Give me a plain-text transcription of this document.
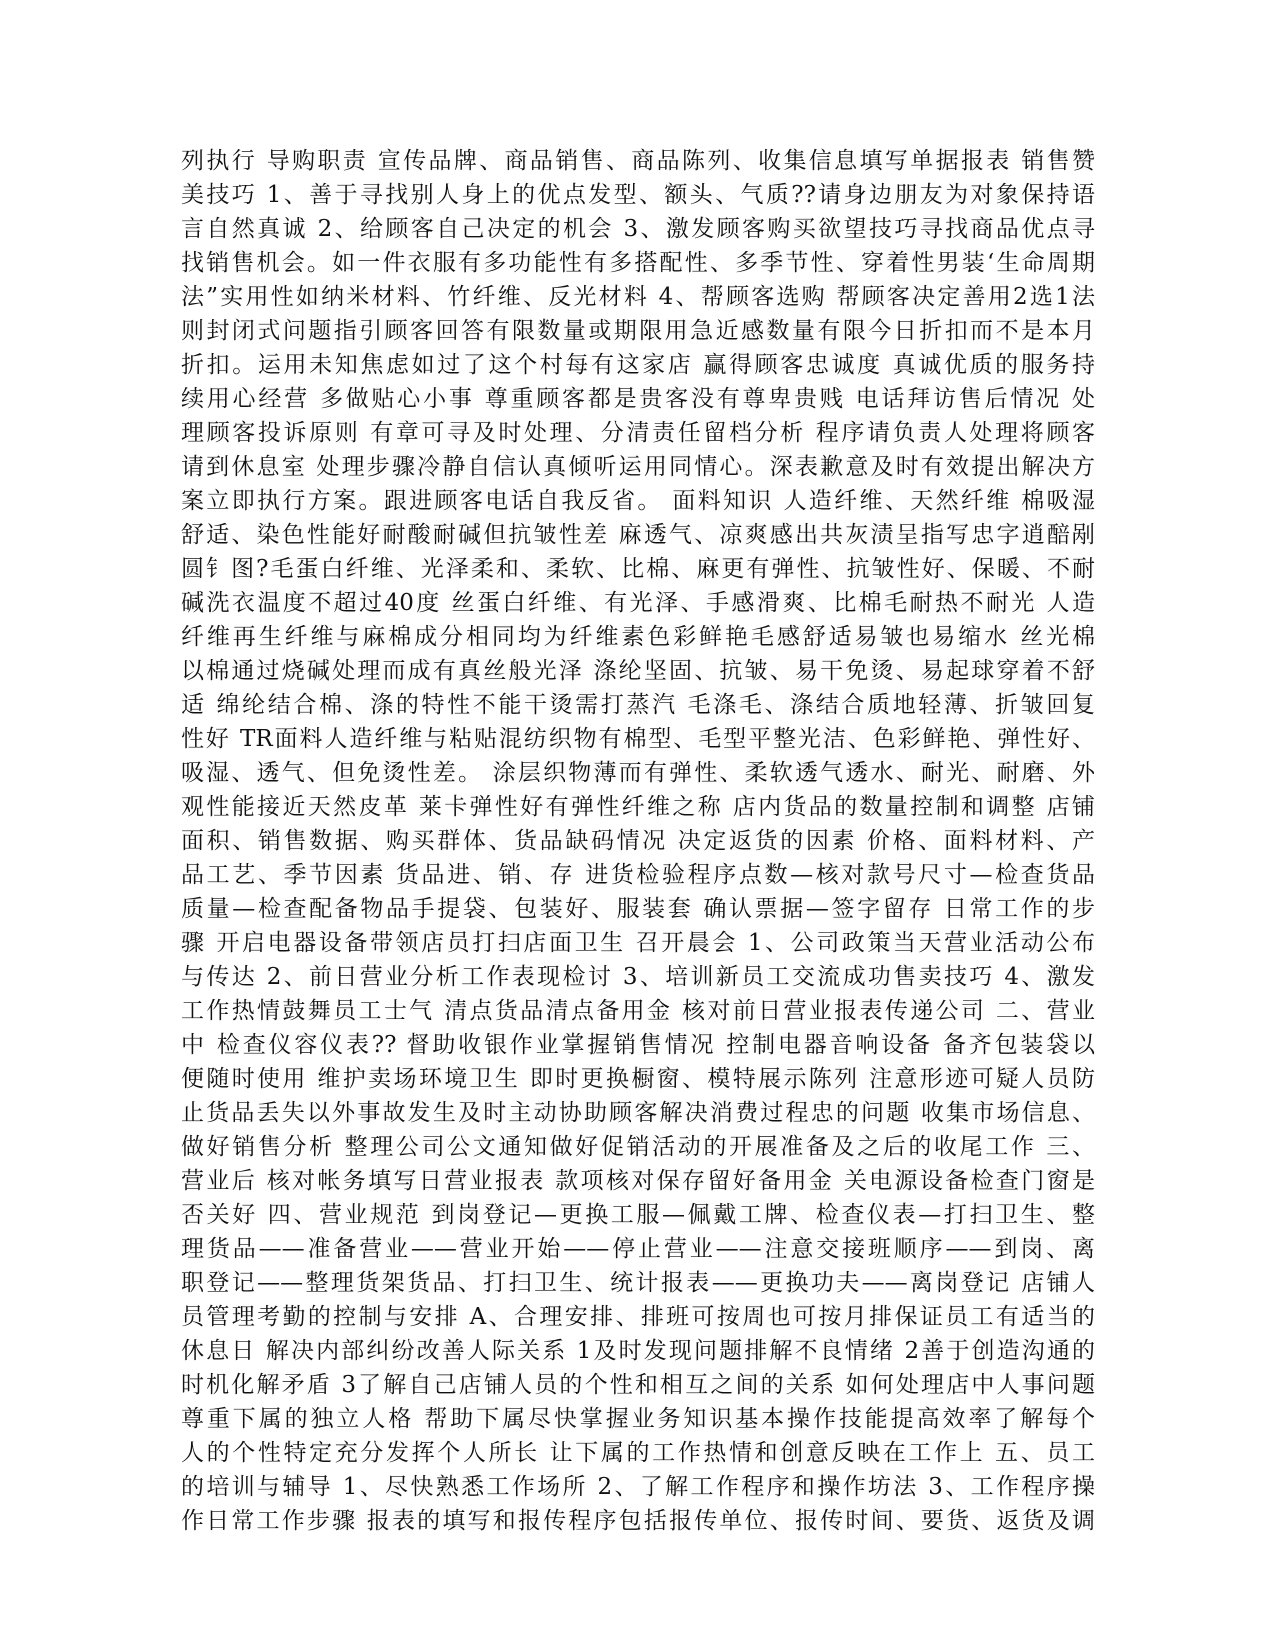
列执行 导购职责 宣传品牌、商品销售、商品陈列、收集信息填写单据报表 销售赞
美技巧 1、善于寻找别人身上的优点发型、额头、气质??请身边朋友为对象保持语
言自然真诚 2、给顾客自己决定的机会 3、激发顾客购买欲望技巧寻找商品优点寻
找销售机会。如一件衣服有多功能性有多搭配性、多季节性、穿着性男装‘生命周期
法”实用性如纳米材料、竹纤维、反光材料 4、帮顾客选购 帮顾客决定善用2选1法
则封闭式问题指引顾客回答有限数量或期限用急近感数量有限今日折扣而不是本月
折扣。运用未知焦虑如过了这个村每有这家店 赢得顾客忠诚度 真诚优质的服务持
续用心经营 多做贴心小事 尊重顾客都是贵客没有尊卑贵贱 电话拜访售后情况 处
理顾客投诉原则 有章可寻及时处理、分清责任留档分析 程序请负责人处理将顾客
请到休息室 处理步骤冷静自信认真倾听运用同情心。深表歉意及时有效提出解决方
案立即执行方案。跟进顾客电话自我反省。 面料知识 人造纤维、天然纤维 棉吸湿
舒适、染色性能好耐酸耐碱但抗皱性差 麻透气、凉爽感出共灰渍呈指写忠字逍醅剐
圆钅图?毛蛋白纤维、光泽柔和、柔软、比棉、麻更有弹性、抗皱性好、保暖、不耐
碱洗衣温度不超过40度 丝蛋白纤维、有光泽、手感滑爽、比棉毛耐热不耐光 人造
纤维再生纤维与麻棉成分相同均为纤维素色彩鲜艳毛感舒适易皱也易缩水 丝光棉
以棉通过烧碱处理而成有真丝般光泽 涤纶坚固、抗皱、易干免烫、易起球穿着不舒
适 绵纶结合棉、涤的特性不能干烫需打蒸汽 毛涤毛、涤结合质地轻薄、折皱回复
性好 TR面料人造纤维与粘贴混纺织物有棉型、毛型平整光洁、色彩鲜艳、弹性好、
吸湿、透气、但免烫性差。 涂层织物薄而有弹性、柔软透气透水、耐光、耐磨、外
观性能接近天然皮革 莱卡弹性好有弹性纤维之称 店内货品的数量控制和调整 店铺
面积、销售数据、购买群体、货品缺码情况 决定返货的因素 价格、面料材料、产
品工艺、季节因素 货品进、销、存 进货检验程序点数—核对款号尺寸—检查货品
质量—检查配备物品手提袋、包装好、服装套 确认票据—签字留存 日常工作的步
骤 开启电器设备带领店员打扫店面卫生 召开晨会 1、公司政策当天营业活动公布
与传达 2、前日营业分析工作表现检讨 3、培训新员工交流成功售卖技巧 4、激发
工作热情鼓舞员工士气 清点货品清点备用金 核对前日营业报表传递公司 二、营业
中 检查仪容仪表?? 督助收银作业掌握销售情况 控制电器音响设备 备齐包装袋以
便随时使用 维护卖场环境卫生 即时更换橱窗、模特展示陈列 注意形迹可疑人员防
止货品丢失以外事故发生及时主动协助顾客解决消费过程忠的问题 收集市场信息、
做好销售分析 整理公司公文通知做好促销活动的开展准备及之后的收尾工作 三、
营业后 核对帐务填写日营业报表 款项核对保存留好备用金 关电源设备检查门窗是
否关好 四、营业规范 到岗登记—更换工服—佩戴工牌、检查仪表—打扫卫生、整
理货品——准备营业——营业开始——停止营业——注意交接班顺序——到岗、离
职登记——整理货架货品、打扫卫生、统计报表——更换功夫——离岗登记 店铺人
员管理考勤的控制与安排 A、合理安排、排班可按周也可按月排保证员工有适当的
休息日 解决内部纠纷改善人际关系 1及时发现问题排解不良情绪 2善于创造沟通的
时机化解矛盾 3了解自己店铺人员的个性和相互之间的关系 如何处理店中人事问题
尊重下属的独立人格 帮助下属尽快掌握业务知识基本操作技能提高效率了解每个
人的个性特定充分发挥个人所长 让下属的工作热情和创意反映在工作上 五、员工
的培训与辅导 1、尽快熟悉工作场所 2、了解工作程序和操作坊法 3、工作程序操
作日常工作步骤 报表的填写和报传程序包括报传单位、报传时间、要货、返货及调
